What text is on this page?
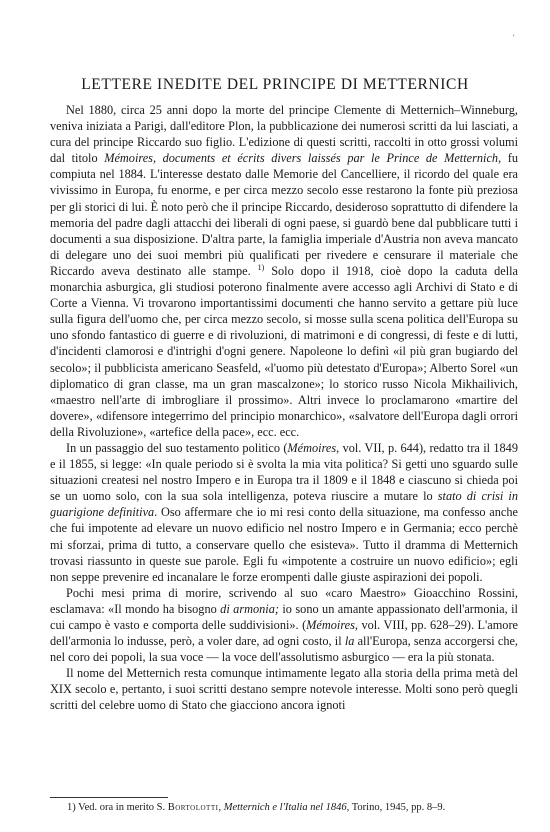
'
LETTERE INEDITE DEL PRINCIPE DI METTERNICH

Nel 1880, circa 25 anni dopo la morte del principe Clemente di Metternich–Winneburg, veniva iniziata a Parigi, dall'editore Plon, la pubblicazione dei numerosi scritti da lui lasciati, a cura del principe Riccardo suo figlio. L'edizione di questi scritti, raccolti in otto grossi volumi dal titolo Mémoires, documents et écrits divers laissés par le Prince de Metternich, fu compiuta nel 1884. L'interesse destato dalle Memorie del Cancelliere, il ricordo del quale era vivissimo in Europa, fu enorme, e per circa mezzo secolo esse restarono la fonte più preziosa per gli storici di lui. È noto però che il principe Riccardo, desideroso soprattutto di difendere la memoria del padre dagli attacchi dei liberali di ogni paese, si guardò bene dal pubblicare tutti i documenti a sua disposizione. D'altra parte, la famiglia imperiale d'Austria non aveva mancato di delegare uno dei suoi membri più qualificati per rivedere e censurare il materiale che Riccardo aveva destinato alle stampe. $^{1)}$ Solo dopo il 1918, cioè dopo la caduta della monarchia asburgica, gli studiosi poterono finalmente avere accesso agli Archivi di Stato e di Corte a Vienna. Vi trovarono importantissimi documenti che hanno servito a gettare più luce sulla figura dell'uomo che, per circa mezzo secolo, si mosse sulla scena politica dell'Europa su uno sfondo fantastico di guerre e di rivoluzioni, di matrimoni e di congressi, di feste e di lutti, d'incidenti clamorosi e d'intrighi d'ogni genere. Napoleone lo definì «il più gran bugiardo del secolo»; il pubblicista americano Seasfeld, «l'uomo più detestato d'Europa»; Alberto Sorel «un diplomatico di gran classe, ma un gran mascalzone»; lo storico russo Nicola Mikhailivich, «maestro nell'arte di imbrogliare il prossimo». Altri invece lo proclamarono «martire del dovere», «difensore integerrimo del principio monarchico», «salvatore dell'Europa dagli orrori della Rivoluzione», «artefice della pace», ecc. ecc.

In un passaggio del suo testamento politico (Mémoires, vol. VII, p. 644), redatto tra il 1849 e il 1855, si legge: «In quale periodo si è svolta la mia vita politica? Si getti uno sguardo sulle situazioni createsi nel nostro Impero e in Europa tra il 1809 e il 1848 e ciascuno si chieda poi se un uomo solo, con la sua sola intelligenza, poteva riuscire a mutare lo stato di crisi in guarigione definitiva. Oso affermare che io mi resi conto della situazione, ma confesso anche che fui impotente ad elevare un nuovo edificio nel nostro Impero e in Germania; ecco perchè mi sforzai, prima di tutto, a conservare quello che esisteva». Tutto il dramma di Metternich trovasi riassunto in queste sue parole. Egli fu «impotente a costruire un nuovo edificio»; egli non seppe prevenire ed incanalare le forze erompenti dalle giuste aspirazioni dei popoli.

Pochi mesi prima di morire, scrivendo al suo «caro Maestro» Gioacchino Rossini, esclamava: «Il mondo ha bisogno di armonia; io sono un amante appassionato dell'armonia, il cui campo è vasto e comporta delle suddivisioni». (Mémoires, vol. VIII, pp. 628–29). L'amore dell'armonia lo indusse, però, a voler dare, ad ogni costo, il la all'Europa, senza accorgersi che, nel coro dei popoli, la sua voce — la voce dell'assolutismo asburgico — era la più stonata.

Il nome del Metternich resta comunque intimamente legato alla storia della prima metà del XIX secolo e, pertanto, i suoi scritti destano sempre notevole interesse. Molti sono però quegli scritti del celebre uomo di Stato che giacciono ancora ignoti

1) Ved. ora in merito S. Bortolotti, Metternich e l'Italia nel 1846, Torino, 1945, pp. 8–9.
